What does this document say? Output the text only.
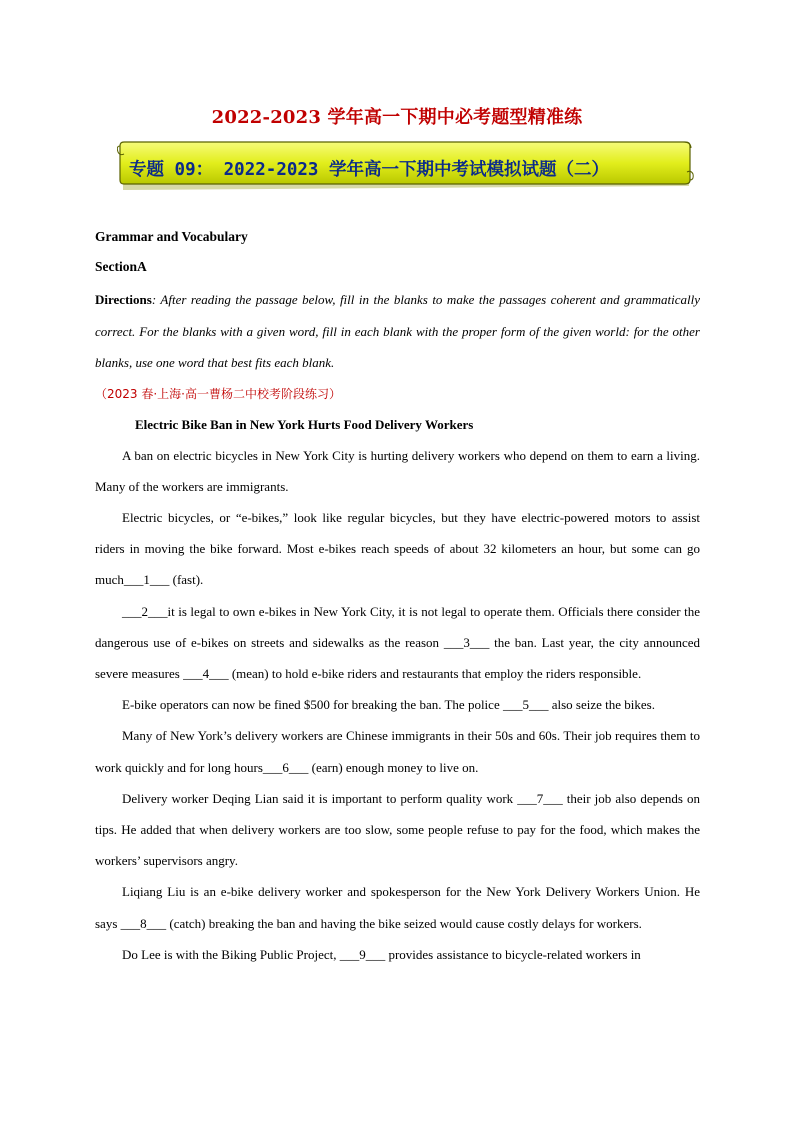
2022-2023 学年高一下期中必考题型精准练
专题 09： 2022-2023 学年高一下期中考试模拟试题（二）

Grammar and Vocabulary

SectionA

Directions: After reading the passage below, fill in the blanks to make the passages coherent and grammatically correct. For the blanks with a given word, fill in each blank with the proper form of the given world: for the other blanks, use one word that best fits each blank.

（2023 春·上海·高一曹杨二中校考阶段练习）

Electric Bike Ban in New York Hurts Food Delivery Workers

A ban on electric bicycles in New York City is hurting delivery workers who depend on them to earn a living. Many of the workers are immigrants.

Electric bicycles, or “e-bikes,” look like regular bicycles, but they have electric-powered motors to assist riders in moving the bike forward. Most e-bikes reach speeds of about 32 kilometers an hour, but some can go much___1___ (fast).

___2___it is legal to own e-bikes in New York City, it is not legal to operate them. Officials there consider the dangerous use of e-bikes on streets and sidewalks as the reason ___3___ the ban. Last year, the city announced severe measures ___4___ (mean) to hold e-bike riders and restaurants that employ the riders responsible.

E-bike operators can now be fined $500 for breaking the ban. The police ___5___ also seize the bikes.

Many of New York’s delivery workers are Chinese immigrants in their 50s and 60s. Their job requires them to work quickly and for long hours___6___ (earn) enough money to live on.

Delivery worker Deqing Lian said it is important to perform quality work ___7___ their job also depends on tips. He added that when delivery workers are too slow, some people refuse to pay for the food, which makes the workers’ supervisors angry.

Liqiang Liu is an e-bike delivery worker and spokesperson for the New York Delivery Workers Union. He says ___8___ (catch) breaking the ban and having the bike seized would cause costly delays for workers.

Do Lee is with the Biking Public Project, ___9___ provides assistance to bicycle-related workers in
